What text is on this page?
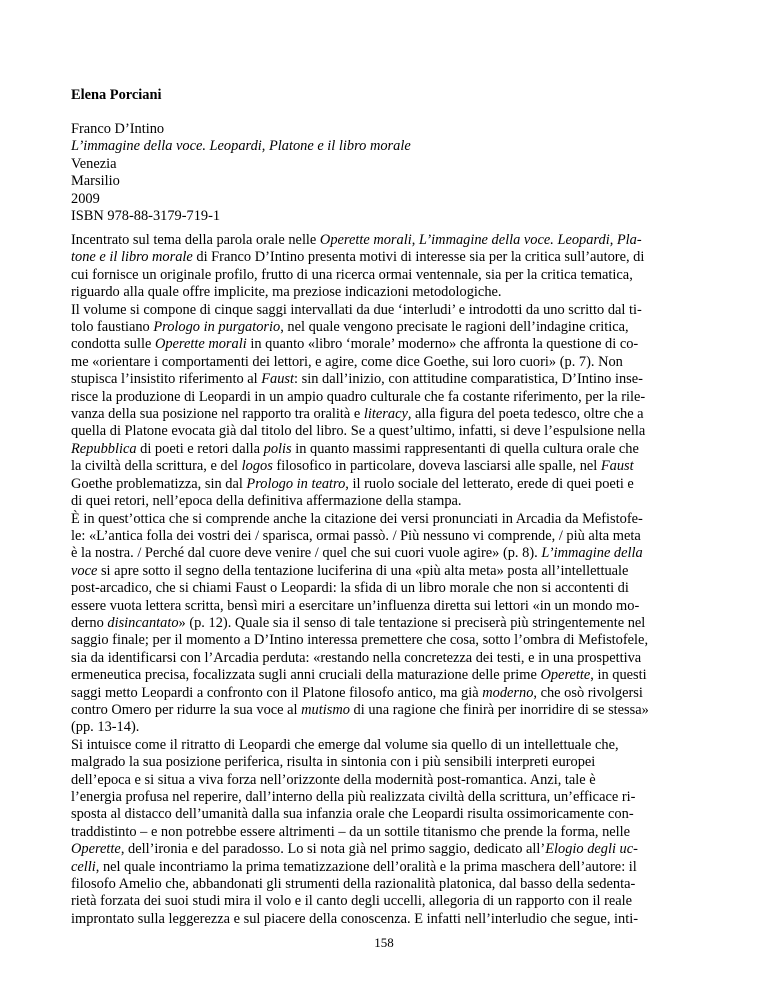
Elena Porciani
Franco D’Intino
L’immagine della voce. Leopardi, Platone e il libro morale
Venezia
Marsilio
2009
ISBN 978-88-3179-719-1
Incentrato sul tema della parola orale nelle Operette morali, L’immagine della voce. Leopardi, Pla-
tone e il libro morale di Franco D’Intino presenta motivi di interesse sia per la critica sull’autore, di
cui fornisce un originale profilo, frutto di una ricerca ormai ventennale, sia per la critica tematica,
riguardo alla quale offre implicite, ma preziose indicazioni metodologiche.
Il volume si compone di cinque saggi intervallati da due ‘interludi’ e introdotti da uno scritto dal ti-
tolo faustiano Prologo in purgatorio, nel quale vengono precisate le ragioni dell’indagine critica,
condotta sulle Operette morali in quanto «libro ‘morale’ moderno» che affronta la questione di co-
me «orientare i comportamenti dei lettori, e agire, come dice Goethe, sui loro cuori» (p. 7). Non
stupisca l’insistito riferimento al Faust: sin dall’inizio, con attitudine comparatistica, D’Intino inse-
risce la produzione di Leopardi in un ampio quadro culturale che fa costante riferimento, per la rile-
vanza della sua posizione nel rapporto tra oralità e literacy, alla figura del poeta tedesco, oltre che a
quella di Platone evocata già dal titolo del libro. Se a quest’ultimo, infatti, si deve l’espulsione nella
Repubblica di poeti e retori dalla polis in quanto massimi rappresentanti di quella cultura orale che
la civiltà della scrittura, e del logos filosofico in particolare, doveva lasciarsi alle spalle, nel Faust
Goethe problematizza, sin dal Prologo in teatro, il ruolo sociale del letterato, erede di quei poeti e
di quei retori, nell’epoca della definitiva affermazione della stampa.
È in quest’ottica che si comprende anche la citazione dei versi pronunciati in Arcadia da Mefistofe-
le: «L’antica folla dei vostri dei / sparisca, ormai passò. / Più nessuno vi comprende, / più alta meta
è la nostra. / Perché dal cuore deve venire / quel che sui cuori vuole agire» (p. 8). L’immagine della
voce si apre sotto il segno della tentazione luciferina di una «più alta meta» posta all’intellettuale
post-arcadico, che si chiami Faust o Leopardi: la sfida di un libro morale che non si accontenti di
essere vuota lettera scritta, bensì miri a esercitare un’influenza diretta sui lettori «in un mondo mo-
derno disincantato» (p. 12). Quale sia il senso di tale tentazione si preciserà più stringentemente nel
saggio finale; per il momento a D’Intino interessa premettere che cosa, sotto l’ombra di Mefistofele,
sia da identificarsi con l’Arcadia perduta: «restando nella concretezza dei testi, e in una prospettiva
ermeneutica precisa, focalizzata sugli anni cruciali della maturazione delle prime Operette, in questi
saggi metto Leopardi a confronto con il Platone filosofo antico, ma già moderno, che osò rivolgersi
contro Omero per ridurre la sua voce al mutismo di una ragione che finirà per inorridire di se stessa»
(pp. 13-14).
Si intuisce come il ritratto di Leopardi che emerge dal volume sia quello di un intellettuale che,
malgrado la sua posizione periferica, risulta in sintonia con i più sensibili interpreti europei
dell’epoca e si situa a viva forza nell’orizzonte della modernità post-romantica. Anzi, tale è
l’energia profusa nel reperire, dall’interno della più realizzata civiltà della scrittura, un’efficace ri-
sposta al distacco dell’umanità dalla sua infanzia orale che Leopardi risulta ossimoricamente con-
traddistinto – e non potrebbe essere altrimenti – da un sottile titanismo che prende la forma, nelle
Operette, dell’ironia e del paradosso. Lo si nota già nel primo saggio, dedicato all’Elogio degli uc-
celli, nel quale incontriamo la prima tematizzazione dell’oralità e la prima maschera dell’autore: il
filosofo Amelio che, abbandonati gli strumenti della razionalità platonica, dal basso della sedenta-
rietà forzata dei suoi studi mira il volo e il canto degli uccelli, allegoria di un rapporto con il reale
improntato sulla leggerezza e sul piacere della conoscenza. E infatti nell’interludio che segue, inti-
158
